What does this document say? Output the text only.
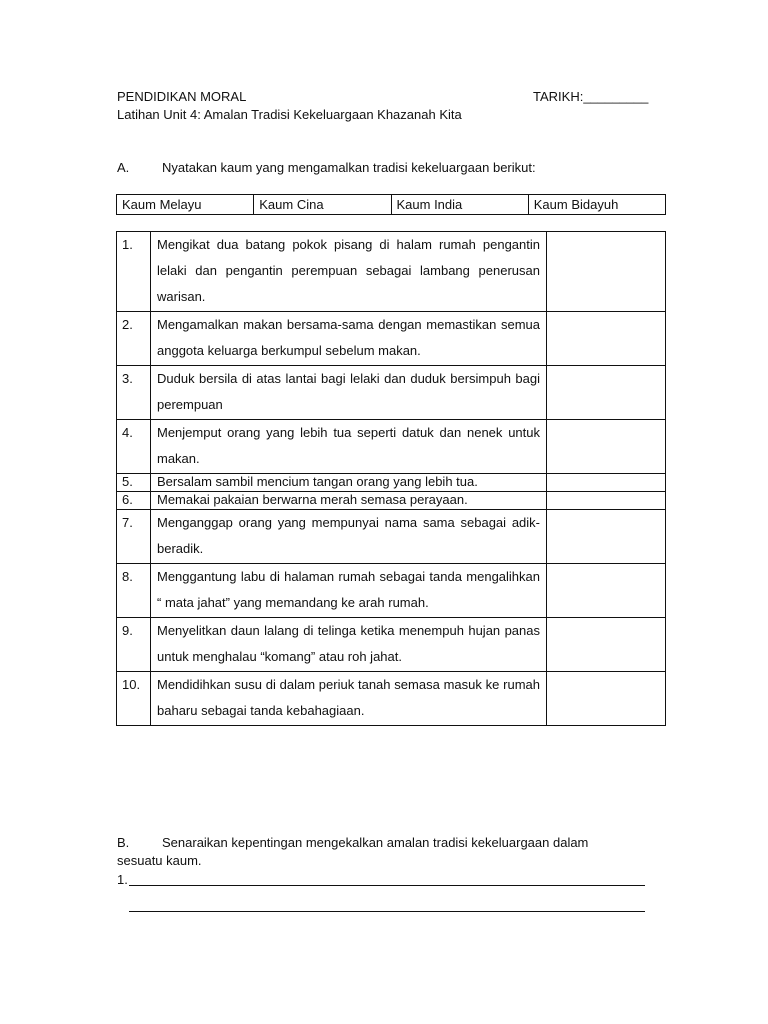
PENDIDIKAN MORAL	TARIKH:_________
Latihan Unit 4: Amalan Tradisi Kekeluargaan Khazanah Kita
A.	Nyatakan kaum yang mengamalkan tradisi kekeluargaan berikut:
Kaum Melayu	Kaum Cina	Kaum India	Kaum Bidayuh
1.	Mengikat dua batang pokok pisang di halam rumah pengantin lelaki dan pengantin perempuan sebagai lambang penerusan warisan.	
2.	Mengamalkan makan bersama-sama dengan memastikan semua anggota keluarga berkumpul sebelum makan.	
3.	Duduk bersila di atas lantai bagi lelaki dan duduk bersimpuh bagi perempuan	
4.	Menjemput orang yang lebih tua seperti datuk dan nenek untuk makan.	
5.	Bersalam sambil mencium tangan orang yang lebih tua.	
6.	Memakai pakaian berwarna merah semasa perayaan.	
7.	Menganggap orang yang mempunyai nama sama sebagai adik-beradik.	
8.	Menggantung labu di halaman rumah sebagai tanda mengalihkan “ mata jahat” yang memandang ke arah rumah.	
9.	Menyelitkan daun lalang di telinga ketika menempuh hujan panas untuk menghalau “komang” atau roh jahat.	
10.	Mendidihkan susu di dalam periuk tanah semasa masuk ke rumah baharu sebagai tanda kebahagiaan.	
B.	Senaraikan kepentingan mengekalkan amalan tradisi kekeluargaan dalam
sesuatu kaum.
1.
